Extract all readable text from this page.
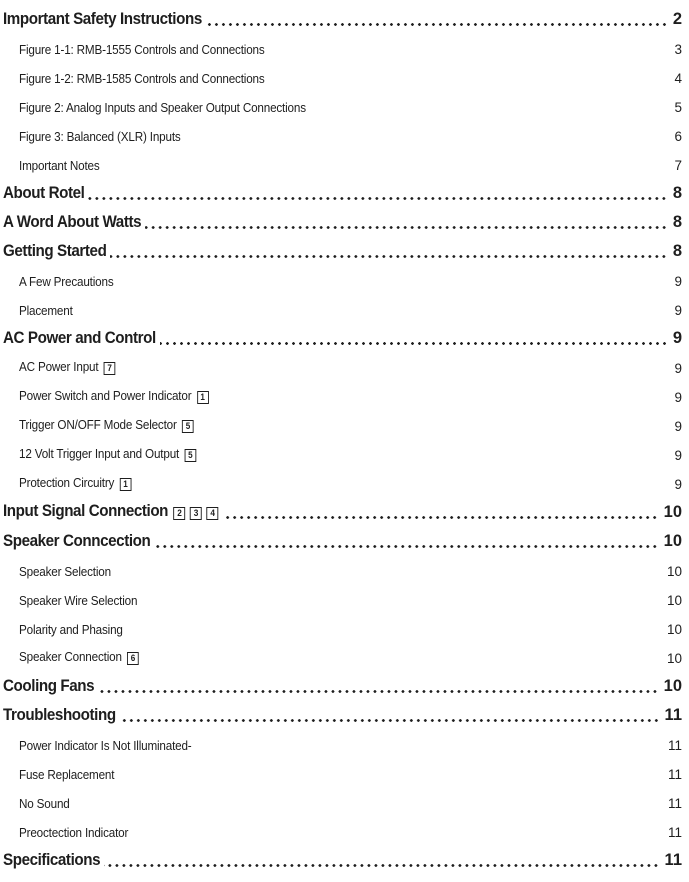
Important Safety Instructions	2
Figure 1-1: RMB-1555 Controls and Connections	3
Figure 1-2: RMB-1585 Controls and Connections	4
Figure 2: Analog Inputs and Speaker Output Connections	5
Figure 3: Balanced (XLR) Inputs	6
Important Notes	7
About Rotel	8
A Word About Watts	8
Getting Started	8
A Few Precautions	9
Placement	9
AC Power and Control	9
AC Power Input 7	9
Power Switch and Power Indicator 1	9
Trigger ON/OFF Mode Selector 5	9
12 Volt Trigger Input and Output 5	9
Protection Circuitry 1	9
Input Signal Connection 2 3 4	10
Speaker Conncection	10
Speaker Selection	10
Speaker Wire Selection	10
Polarity and Phasing	10
Speaker Connection 6	10
Cooling Fans	10
Troubleshooting	11
Power Indicator Is Not Illuminated-	11
Fuse Replacement	11
No Sound	11
Preoctection Indicator	11
Specifications	11
